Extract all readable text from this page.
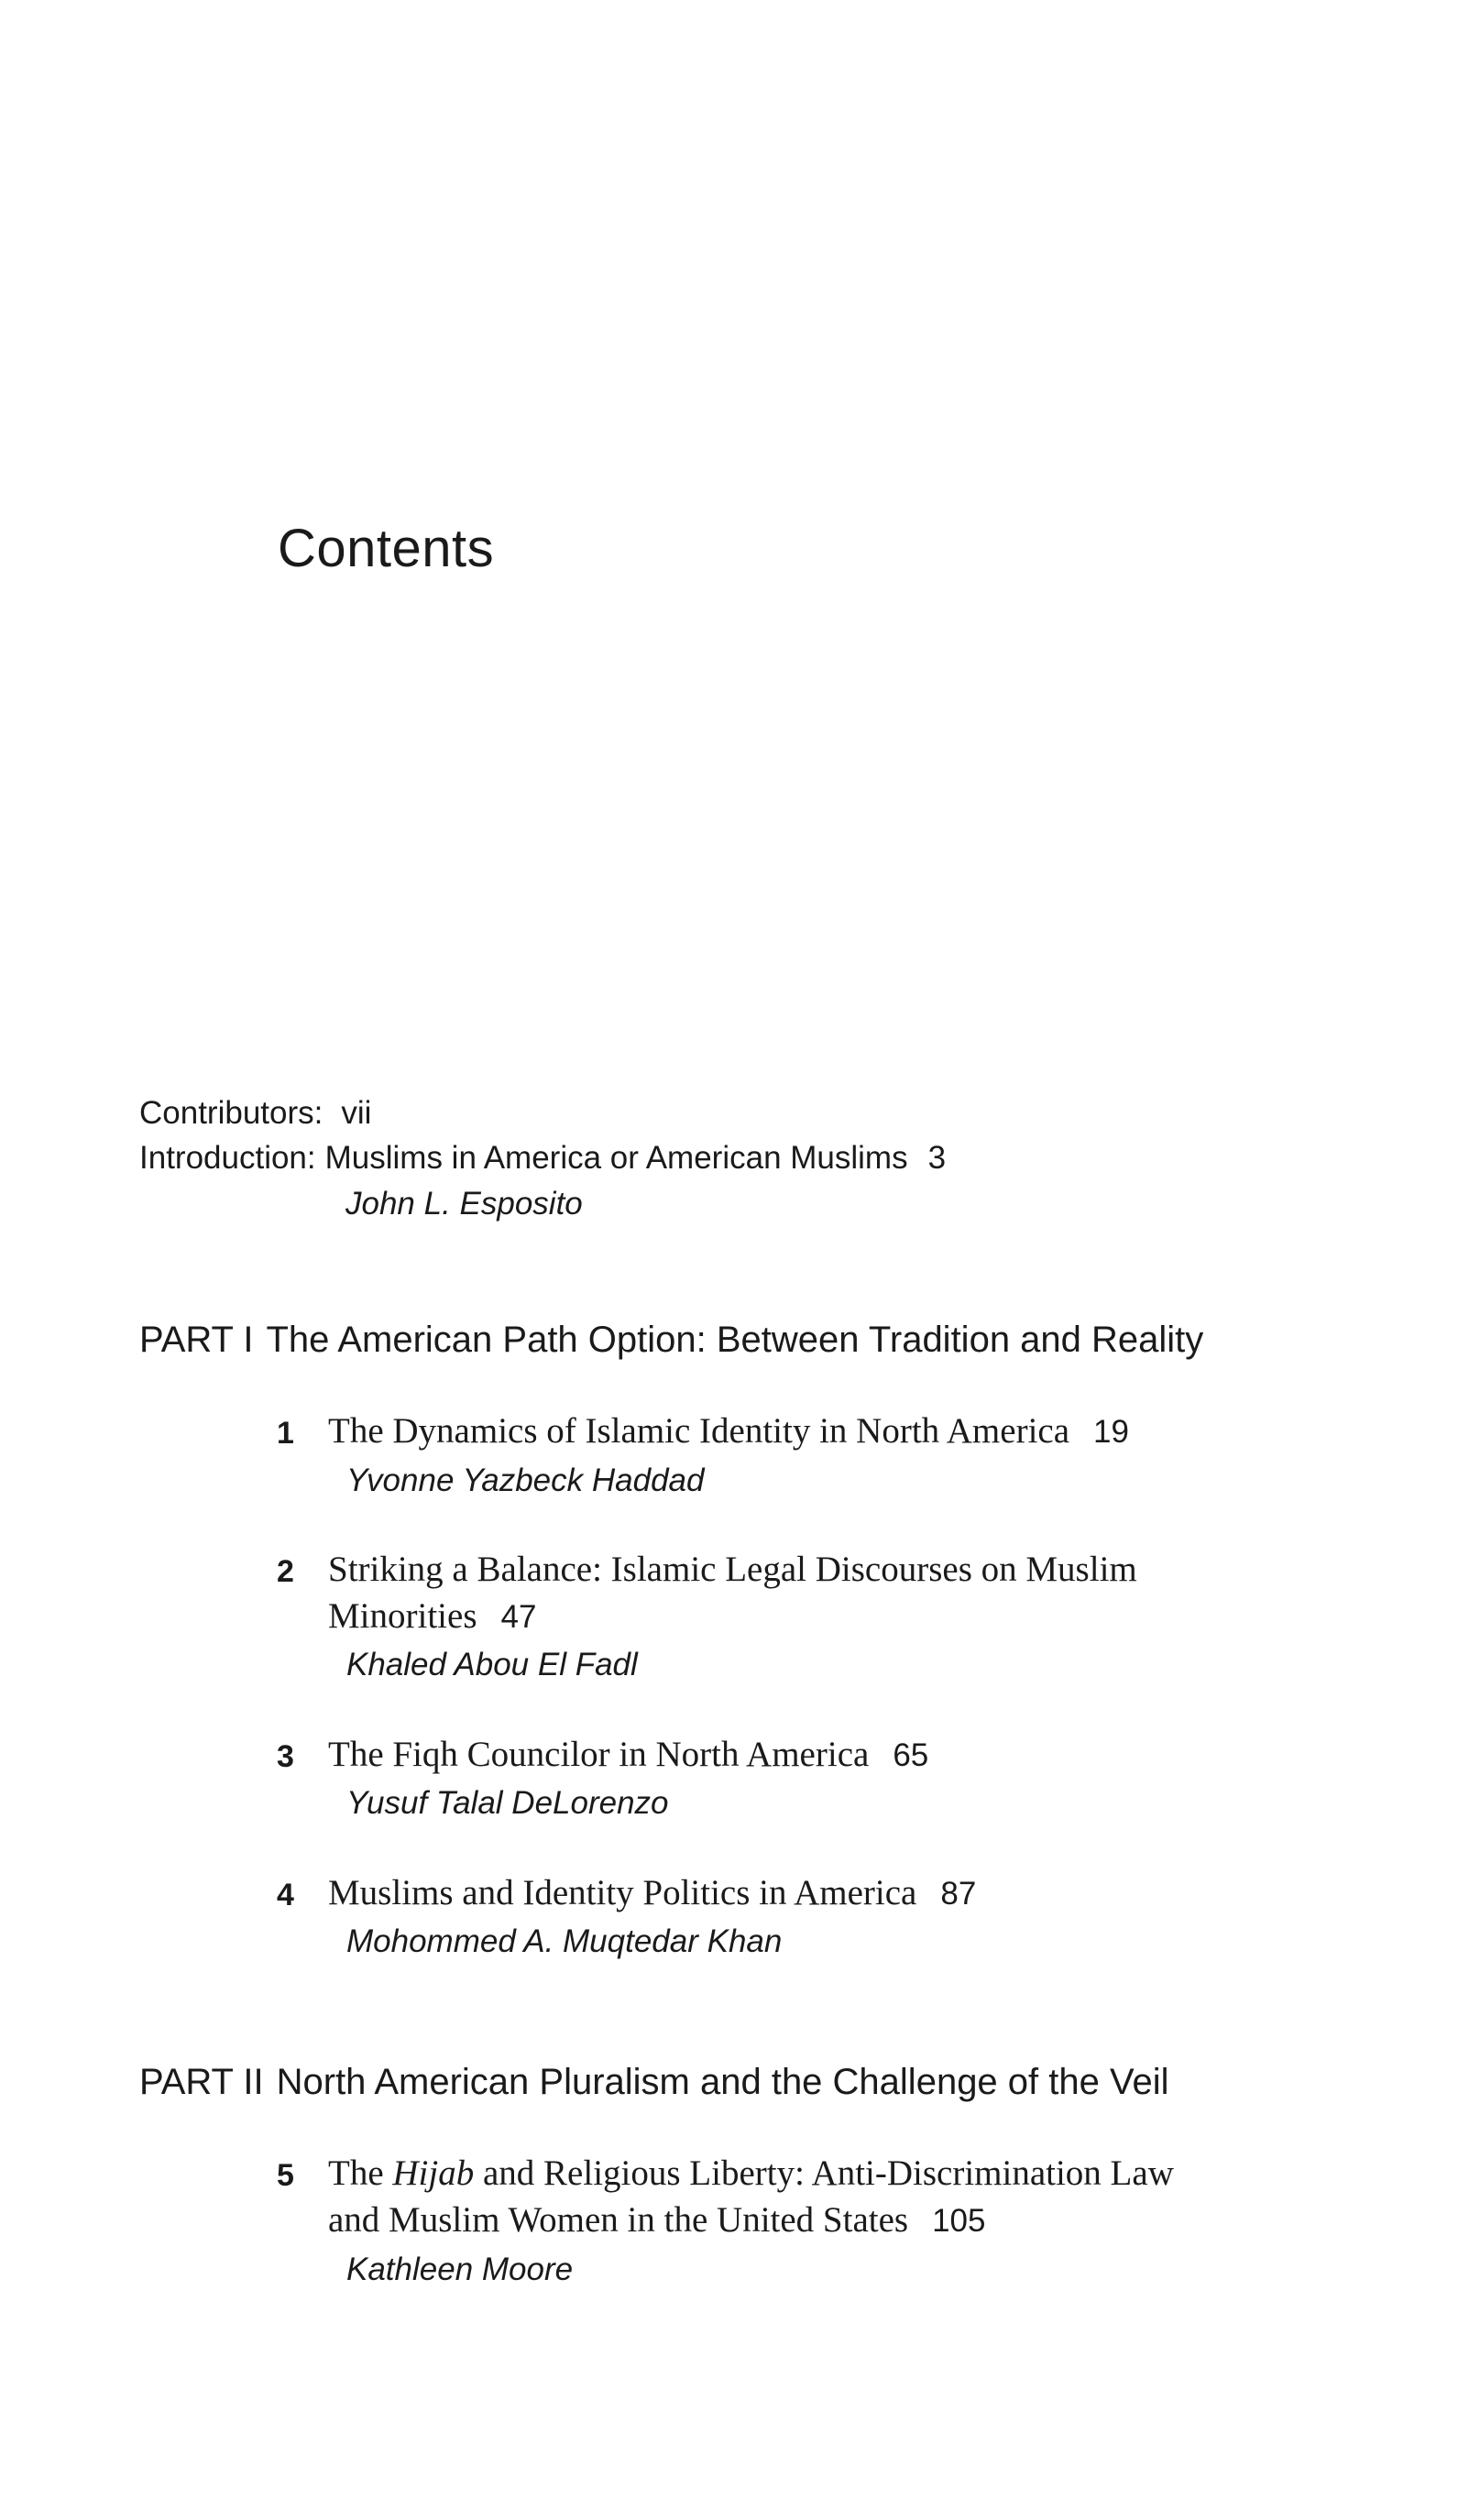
Contents
Contributors: vii
Introduction: Muslims in America or American Muslims 3
John L. Esposito
PART I The American Path Option: Between Tradition and Reality
1 The Dynamics of Islamic Identity in North America 19
Yvonne Yazbeck Haddad
2 Striking a Balance: Islamic Legal Discourses on Muslim
Minorities 47
Khaled Abou El Fadl
3 The Fiqh Councilor in North America 65
Yusuf Talal DeLorenzo
4 Muslims and Identity Politics in America 87
Mohommed A. Muqtedar Khan
PART II North American Pluralism and the Challenge of the Veil
5 The Hijab and Religious Liberty: Anti-Discrimination Law
and Muslim Women in the United States 105
Kathleen Moore
